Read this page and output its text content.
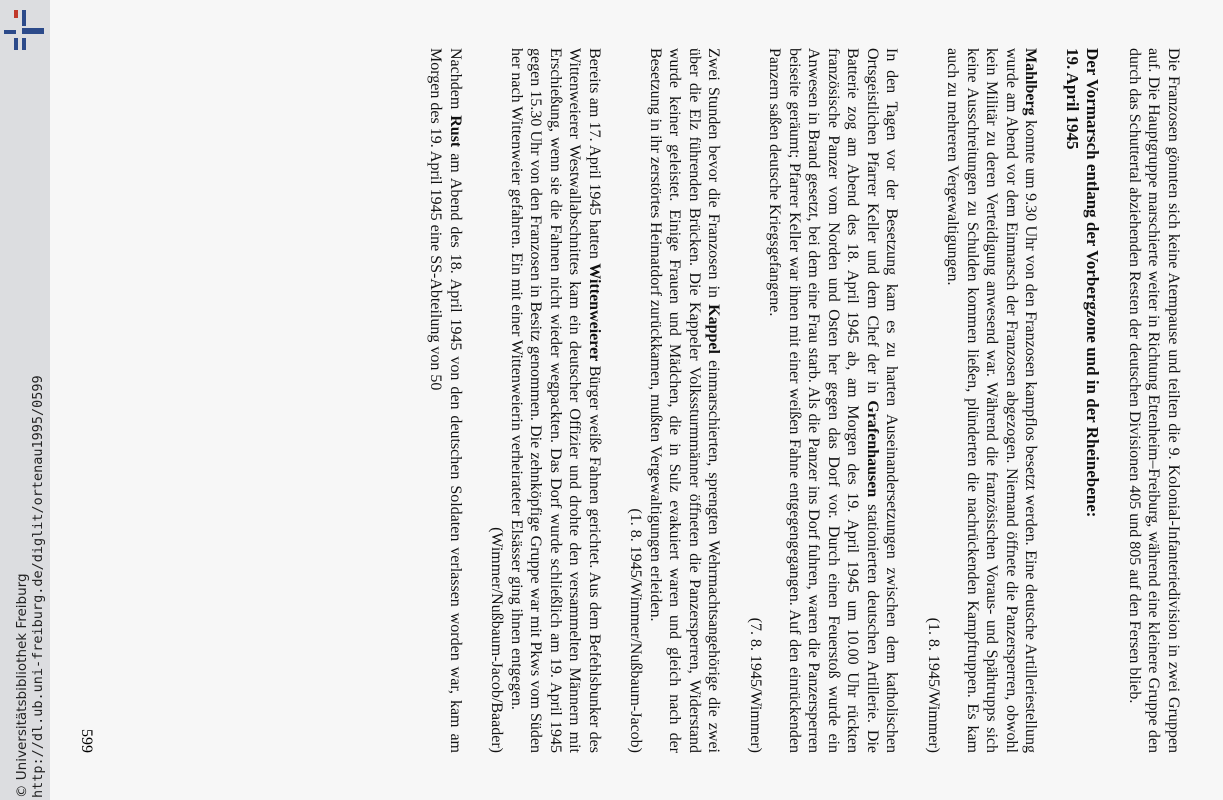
http://dl.ub.uni-freiburg.de/diglit/ortenau1995/0599
© Universitätsbibliothek Freiburg	Die Franzosen gönnten sich keine Atempause und teilten die 9. Kolonial-Infanteriedivision in zwei Gruppen auf. Die Hauptgruppe marschierte weiter in Richtung Ettenheim–Freiburg, während eine kleinere Gruppe den durch das Schuttertal abziehenden Resten der deutschen Divisionen 405 und 805 auf den Fersen blieb.

Der Vormarsch entlang der Vorbergzone und in der Rheinebene:
19. April 1945

Mahlberg konnte um 9.30 Uhr von den Franzosen kampflos besetzt werden. Eine deutsche Artilleriestellung wurde am Abend vor dem Einmarsch der Franzosen abgezogen. Niemand öffnete die Panzersperren, obwohl kein Militär zu deren Verteidigung anwesend war. Während die französischen Voraus- und Spähtrupps sich keine Ausschreitungen zu Schulden kommen ließen, plünderten die nachrückenden Kampftruppen. Es kam auch zu mehreren Vergewaltigungen.

(1. 8. 1945/Wimmer)

In den Tagen vor der Besetzung kam es zu harten Auseinandersetzungen zwischen dem katholischen Ortsgeistlichen Pfarrer Keller und dem Chef der in Grafenhausen stationierten deutschen Artillerie. Die Batterie zog am Abend des 18. April 1945 ab, am Morgen des 19. April 1945 um 10.00 Uhr rückten französische Panzer vom Norden und Osten her gegen das Dorf vor. Durch einen Feuerstoß wurde ein Anwesen in Brand gesetzt, bei dem eine Frau starb. Als die Panzer ins Dorf fuhren, waren die Panzersperren beiseite geräumt; Pfarrer Keller war ihnen mit einer weißen Fahne entgegengegangen. Auf den einrückenden Panzern saßen deutsche Kriegsgefangene.

(7. 8. 1945/Wimmer)

Zwei Stunden bevor die Franzosen in Kappel einmarschierten, sprengten Wehrmachtsangehörige die zwei über die Elz führenden Brücken. Die Kappeler Volkssturmmänner öffneten die Panzersperren, Widerstand wurde keiner geleistet. Einige Frauen und Mädchen, die in Sulz evakuiert waren und gleich nach der Besetzung in ihr zerstörtes Heimatdorf zurückkamen, mußten Vergewaltigungen erleiden.

(1. 8. 1945/Wimmer/Nußbaum-Jacob)

Bereits am 17. April 1945 hatten Wittenweierer Bürger weiße Fahnen gerichtet. Aus dem Befehlsbunker des Wittenweierer Westwallabschnittes kam ein deutscher Offizier und drohte den versammelten Männern mit Erschießung, wenn sie die Fahnen nicht wieder wegpackten. Das Dorf wurde schließlich am 19. April 1945 gegen 15.30 Uhr von den Franzosen in Besitz genommen. Die zehnköpfige Gruppe war mit Pkws vom Süden her nach Wittenweier gefahren. Ein mit einer Wittenweierin verheirateter Elsässer ging ihnen entgegen.

(Wimmer/Nußbaum-Jacob/Baader)

Nachdem Rust am Abend des 18. April 1945 von den deutschen Soldaten verlassen worden war, kam am Morgen des 19. April 1945 eine SS-Abteilung von 50

599
